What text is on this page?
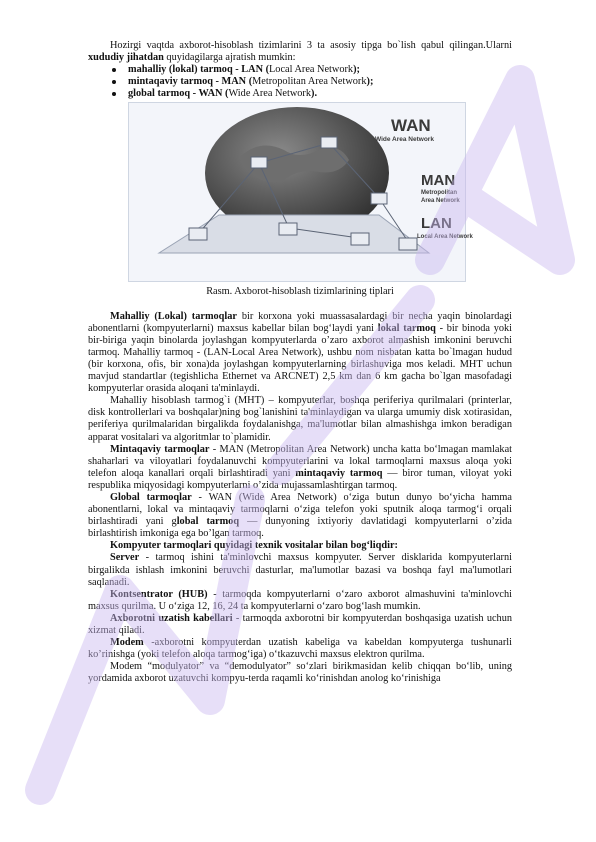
Hozirgi vaqtda axborot-hisoblash tizimlarini 3 ta asosiy tipga bo`lish qabul qilingan.Ularni xududiy jihatdan quyidagilarga ajratish mumkin:

mahalliy (lokal) tarmoq - LAN (Local Area Network);
mintaqaviy tarmoq - MAN (Metropolitan Area Network);
global tarmoq - WAN (Wide Area Network).
WAN
Wide Area Network
MAN
Metropolitan
Area Network
LAN
Local Area Network

Rasm. Axborot-hisoblash tizimlarining tiplari

Mahalliy (Lokal) tarmoqlar bir korxona yoki muassasalardagi bir necha yaqin binolardagi abonentlarni (kompyuterlarni) maxsus kabellar bilan bog‘laydi yani lokal tarmoq - bir binoda yoki bir-biriga yaqin binolarda joylashgan kompyuterlarda o’zaro axborot almashish imkonini beruvchi tarmoq. Mahalliy tarmoq - (LAN-Local Area Network), ushbu nom nisbatan katta bo`lmagan hudud (bir korxona, ofis, bir xona)da joylashgan kompyuterlarning birlashuviga mos keladi. MHT uchun mavjud standartlar (tegishlicha Ethernet va ARCNET) 2,5 km dan 6 km gacha bo`lgan masofadagi kompyuterlar orasida aloqani ta'minlaydi.

Mahalliy hisoblash tarmog`i (MHT) – kompyuterlar, boshqa periferiya qurilmalari (printerlar, disk kontrollerlari va boshqalar)ning bog`lanishini ta'minlaydigan va ularga umumiy disk xotirasidan, periferiya qurilmalaridan birgalikda foydalanishga, ma'lumotlar bilan almashishga imkon beradigan apparat vositalari va algoritmlar to`plamidir.

Mintaqaviy tarmoqlar - MAN (Metropolitan Area Network) uncha katta bo‘lmagan mamlakat shaharlari va viloyatlari foydalanuvchi kompyuterlarini va lokal tarmoqlarni maxsus aloqa yoki telefon aloqa kanallari orqali birlashtiradi yani mintaqaviy tarmoq — biror tuman, viloyat yoki respublika miqyosidagi kompyuterlarni o’zida mujassamlashtirgan tarmoq.

Global tarmoqlar - WAN (Wide Area Network) o‘ziga butun dunyo bo‘yicha hamma abonentlarni, lokal va mintaqaviy tarmoqlarni o‘ziga telefon yoki sputnik aloqa tarmog‘i orqali birlashtiradi yani global tarmoq — dunyoning ixtiyoriy davlatidagi kompyuterlarni o’zida birlashtirish imkoniga ega bo’lgan tarmoq.

Kompyuter tarmoqlari quyidagi texnik vositalar bilan bog‘liqdir:

Server - tarmoq ishini ta'minlovchi maxsus kompyuter. Server disklarida kompyuterlarni birgalikda ishlash imkonini beruvchi dasturlar, ma'lumotlar bazasi va boshqa fayl ma'lumotlari saqlanadi.

Kontsentrator (HUB) - tarmoqda kompyuterlarni o‘zaro axborot almashuvini ta'minlovchi maxsus qurilma. U o‘ziga 12, 16, 24 ta kompyuterlarni o‘zaro bog‘lash mumkin.

Axborotni uzatish kabellari - tarmoqda axborotni bir kompyuterdan boshqasiga uzatish uchun xizmat qiladi.

Modem -axborotni kompyuterdan uzatish kabeliga va kabeldan kompyuterga tushunarli ko’rinishga (yoki telefon aloqa tarmog‘iga) o‘tkazuvchi maxsus elektron qurilma.

Modem “modulyator” va “demodulyator” so‘zlari birikmasidan kelib chiqqan bo‘lib, uning yordamida axborot uzatuvchi kompyu-terda raqamli ko‘rinishdan anolog ko‘rinishiga
